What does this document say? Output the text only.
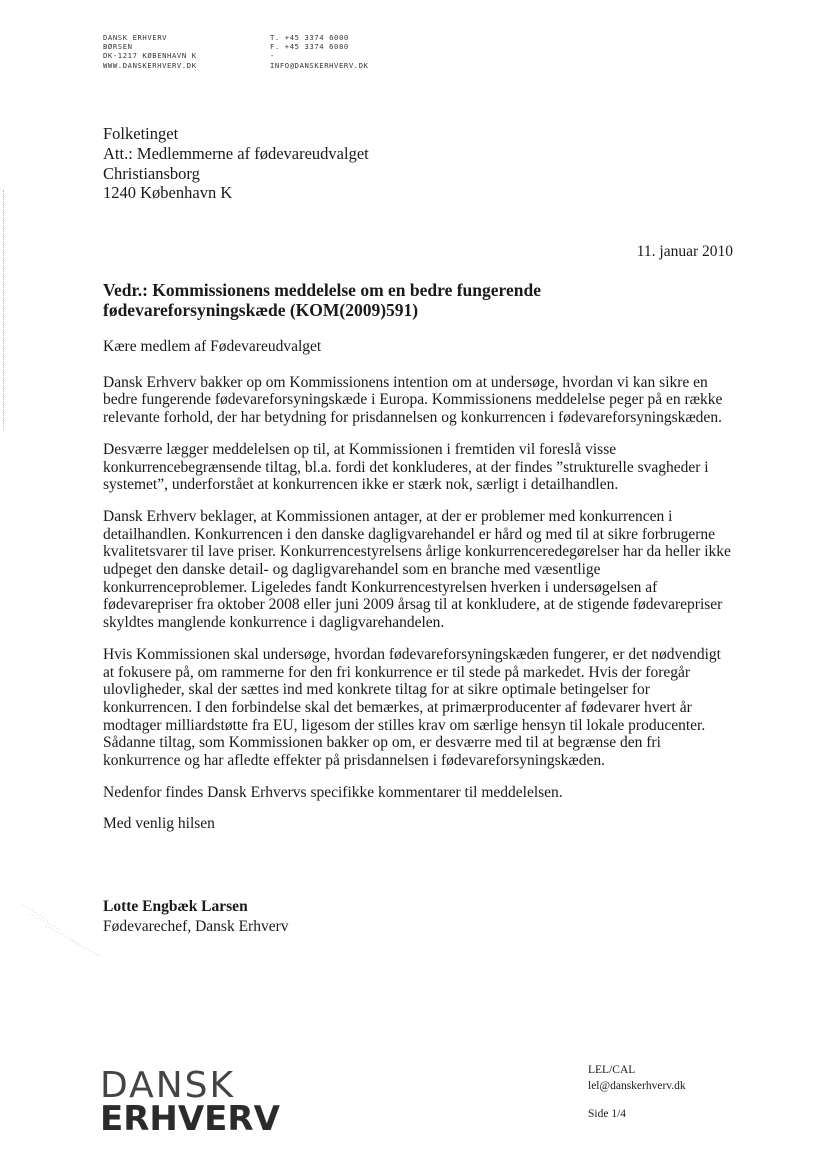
DANSK ERHVERV
BØRSEN
DK-1217 KØBENHAVN K
WWW.DANSKERHVERV.DK
T. +45 3374 6000
F. +45 3374 6080
-
INFO@DANSKERHVERV.DK
Folketinget
Att.: Medlemmerne af fødevareudvalget
Christiansborg
1240 København K
11. januar 2010
Vedr.: Kommissionens meddelelse om en bedre fungerende fødevareforsyningskæde (KOM(2009)591)

Kære medlem af Fødevareudvalget

Dansk Erhverv bakker op om Kommissionens intention om at undersøge, hvordan vi kan sikre en bedre fungerende fødevareforsyningskæde i Europa. Kommissionens meddelelse peger på en række relevante forhold, der har betydning for prisdannelsen og konkurrencen i fødevareforsyningskæden.

Desværre lægger meddelelsen op til, at Kommissionen i fremtiden vil foreslå visse konkurrencebegrænsende tiltag, bl.a. fordi det konkluderes, at der findes ”strukturelle svagheder i systemet”, underforstået at konkurrencen ikke er stærk nok, særligt i detailhandlen.

Dansk Erhverv beklager, at Kommissionen antager, at der er problemer med konkurrencen i detailhandlen. Konkurrencen i den danske dagligvarehandel er hård og med til at sikre forbrugerne kvalitetsvarer til lave priser. Konkurrencestyrelsens årlige konkurrenceredegørelser har da heller ikke udpeget den danske detail- og dagligvarehandel som en branche med væsentlige konkurrenceproblemer. Ligeledes fandt Konkurrencestyrelsen hverken i undersøgelsen af fødevarepriser fra oktober 2008 eller juni 2009 årsag til at konkludere, at de stigende fødevarepriser skyldtes manglende konkurrence i dagligvarehandelen.

Hvis Kommissionen skal undersøge, hvordan fødevareforsyningskæden fungerer, er det nødvendigt at fokusere på, om rammerne for den fri konkurrence er til stede på markedet. Hvis der foregår ulovligheder, skal der sættes ind med konkrete tiltag for at sikre optimale betingelser for konkurrencen. I den forbindelse skal det bemærkes, at primærproducenter af fødevarer hvert år modtager milliardstøtte fra EU, ligesom der stilles krav om særlige hensyn til lokale producenter. Sådanne tiltag, som Kommissionen bakker op om, er desværre med til at begrænse den fri konkurrence og har afledte effekter på prisdannelsen i fødevareforsyningskæden.

Nedenfor findes Dansk Erhvervs specifikke kommentarer til meddelelsen.

Med venlig hilsen

Lotte Engbæk Larsen
Fødevarechef, Dansk Erhverv
DANSK
ERHVERV
LEL/CAL
lel@danskerhverv.dk
Side 1/4
